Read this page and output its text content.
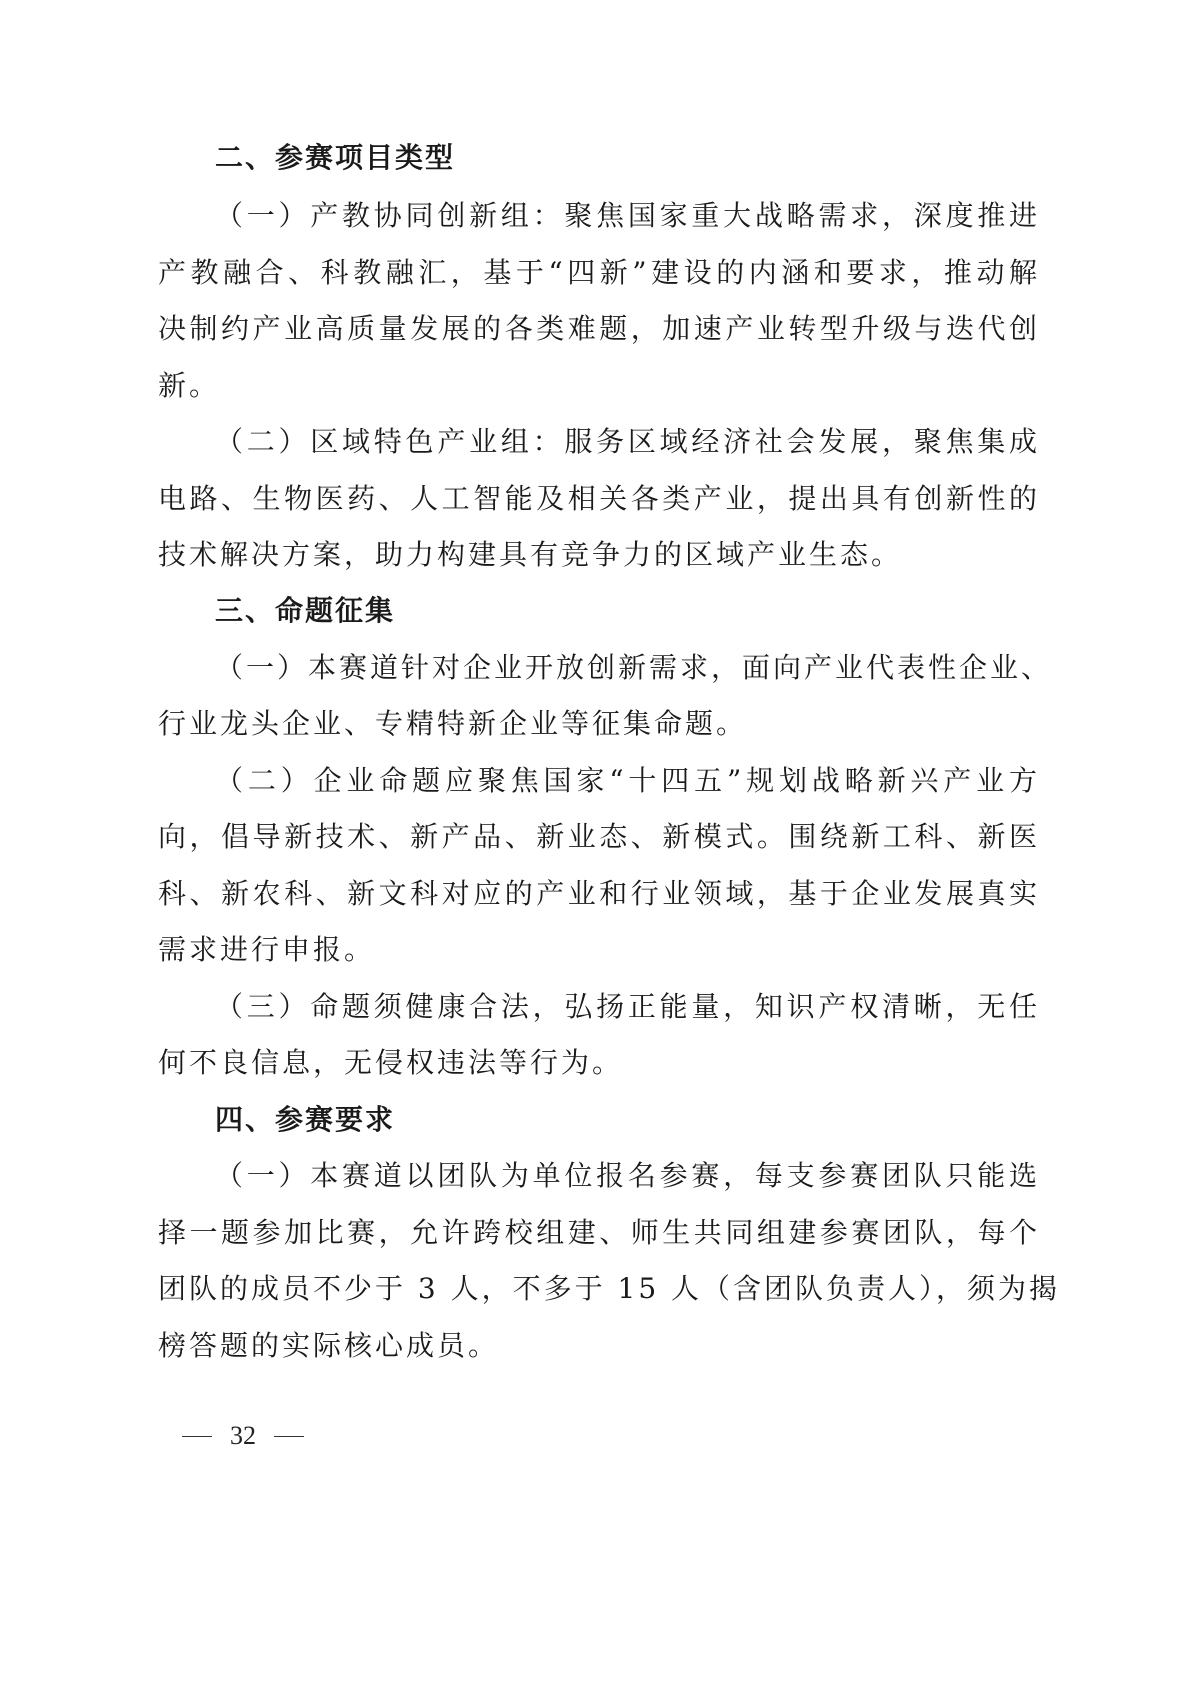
二、参赛项目类型
（一）产教协同创新组：聚焦国家重大战略需求，深度推进
产教融合、科教融汇，基于“四新”建设的内涵和要求，推动解
决制约产业高质量发展的各类难题，加速产业转型升级与迭代创
新。
（二）区域特色产业组：服务区域经济社会发展，聚焦集成
电路、生物医药、人工智能及相关各类产业，提出具有创新性的
技术解决方案，助力构建具有竞争力的区域产业生态。
三、命题征集
（一）本赛道针对企业开放创新需求，面向产业代表性企业、
行业龙头企业、专精特新企业等征集命题。
（二）企业命题应聚焦国家“十四五”规划战略新兴产业方
向，倡导新技术、新产品、新业态、新模式。围绕新工科、新医
科、新农科、新文科对应的产业和行业领域，基于企业发展真实
需求进行申报。
（三）命题须健康合法，弘扬正能量，知识产权清晰，无任
何不良信息，无侵权违法等行为。
四、参赛要求
（一）本赛道以团队为单位报名参赛，每支参赛团队只能选
择一题参加比赛，允许跨校组建、师生共同组建参赛团队，每个
团队的成员不少于 3 人，不多于 15 人（含团队负责人），须为揭
榜答题的实际核心成员。
32
